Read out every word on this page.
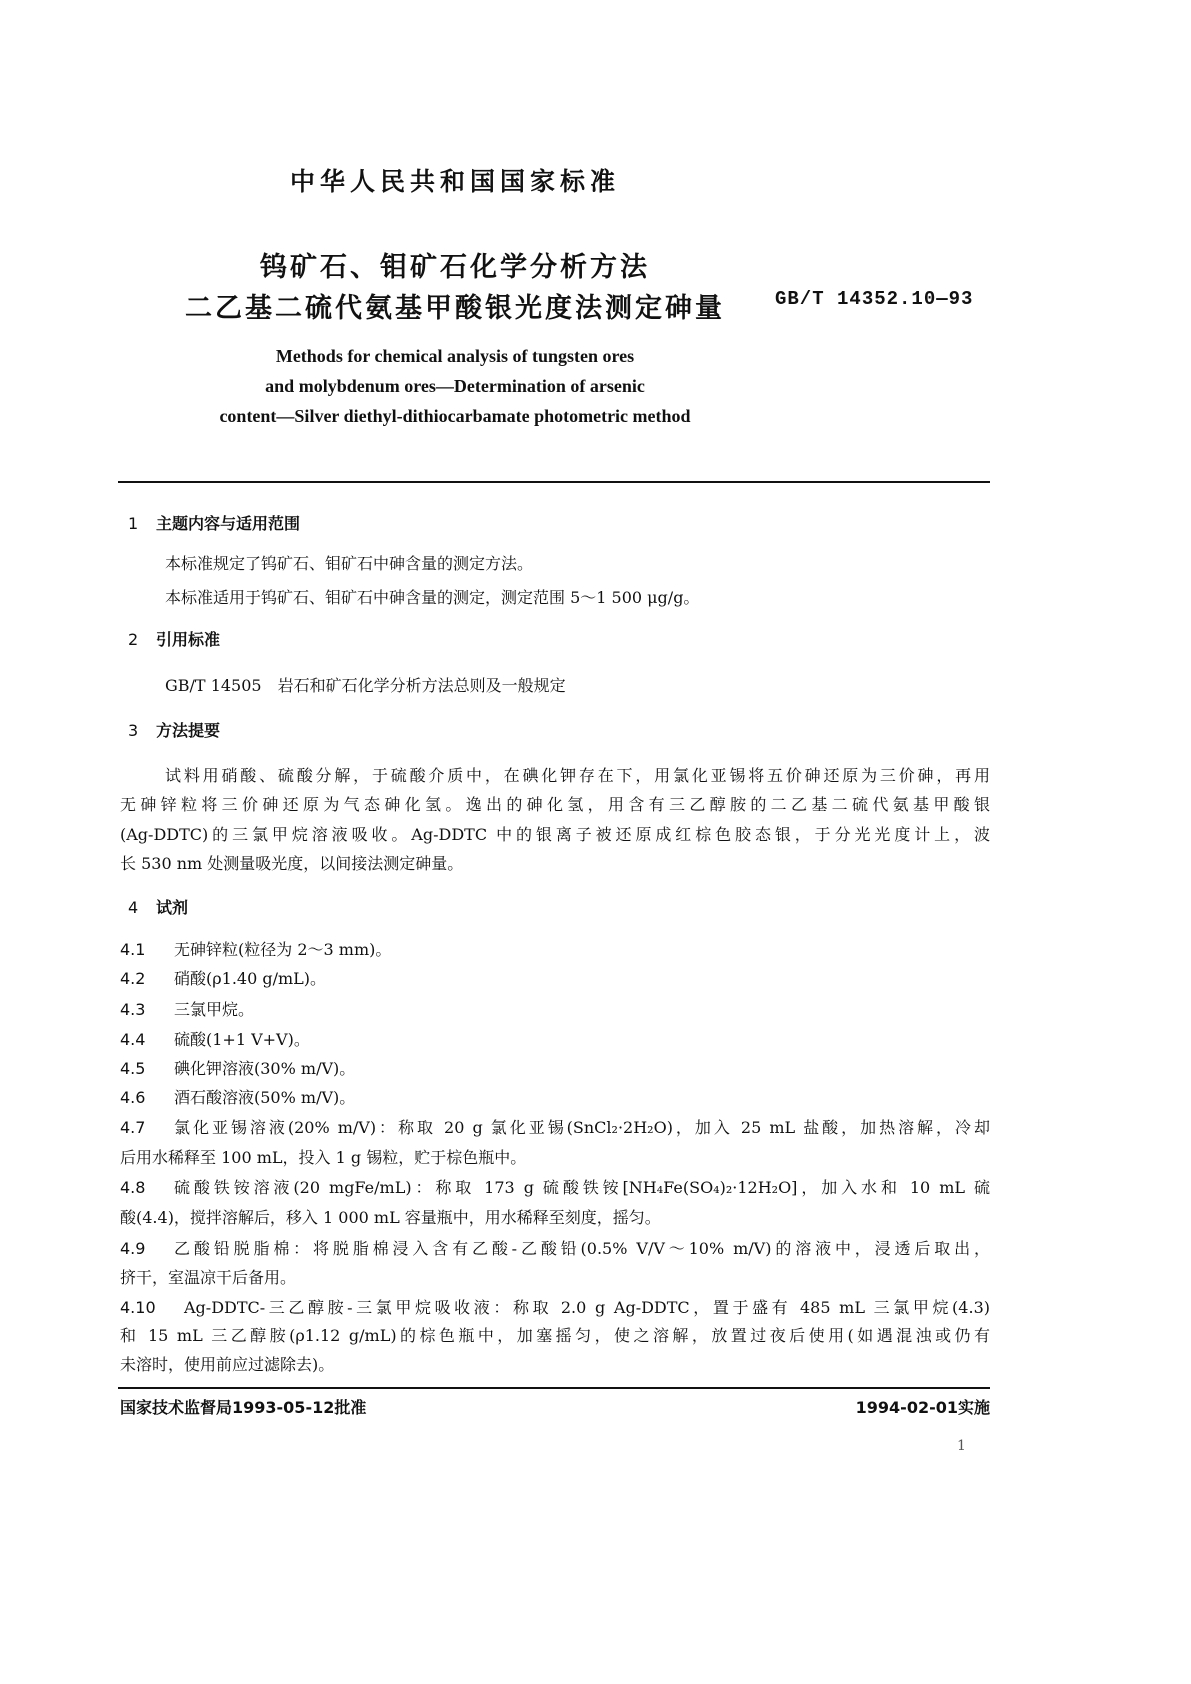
中华人民共和国国家标准
钨矿石、钼矿石化学分析方法
二乙基二硫代氨基甲酸银光度法测定砷量	GB/T 14352.10—93
Methods for chemical analysis of tungsten ores
and molybdenum ores—Determination of arsenic
content—Silver diethyl-dithiocarbamate photometric method
1 主题内容与适用范围
本标准规定了钨矿石、钼矿石中砷含量的测定方法。
本标准适用于钨矿石、钼矿石中砷含量的测定，测定范围 5～1 500 μg/g。
2 引用标准
GB/T 14505　岩石和矿石化学分析方法总则及一般规定
3 方法提要
试料用硝酸、硫酸分解，于硫酸介质中，在碘化钾存在下，用氯化亚锡将五价砷还原为三价砷，再用
无砷锌粒将三价砷还原为气态砷化氢。逸出的砷化氢，用含有三乙醇胺的二乙基二硫代氨基甲酸银
(Ag-DDTC)的三氯甲烷溶液吸收。Ag-DDTC 中的银离子被还原成红棕色胶态银，于分光光度计上，波
长 530 nm 处测量吸光度，以间接法测定砷量。
4 试剂
4.1 无砷锌粒(粒径为 2～3 mm)。
4.2 硝酸(ρ1.40 g/mL)。
4.3 三氯甲烷。
4.4 硫酸(1+1 V+V)。
4.5 碘化钾溶液(30% m/V)。
4.6 酒石酸溶液(50% m/V)。
4.7 氯化亚锡溶液(20% m/V)：称取 20 g 氯化亚锡(SnCl₂·2H₂O)，加入 25 mL 盐酸，加热溶解，冷却
后用水稀释至 100 mL，投入 1 g 锡粒，贮于棕色瓶中。
4.8 硫酸铁铵溶液(20 mgFe/mL)：称取 173 g 硫酸铁铵[NH₄Fe(SO₄)₂·12H₂O]，加入水和 10 mL 硫
酸(4.4)，搅拌溶解后，移入 1 000 mL 容量瓶中，用水稀释至刻度，摇匀。
4.9 乙酸铅脱脂棉：将脱脂棉浸入含有乙酸-乙酸铅(0.5% V/V～10% m/V)的溶液中，浸透后取出，
挤干，室温凉干后备用。
4.10 Ag-DDTC-三乙醇胺-三氯甲烷吸收液：称取 2.0 g Ag-DDTC，置于盛有 485 mL 三氯甲烷(4.3)
和 15 mL 三乙醇胺(ρ1.12 g/mL)的棕色瓶中，加塞摇匀，使之溶解，放置过夜后使用(如遇混浊或仍有
未溶时，使用前应过滤除去)。
国家技术监督局1993-05-12批准	1994-02-01实施
1
